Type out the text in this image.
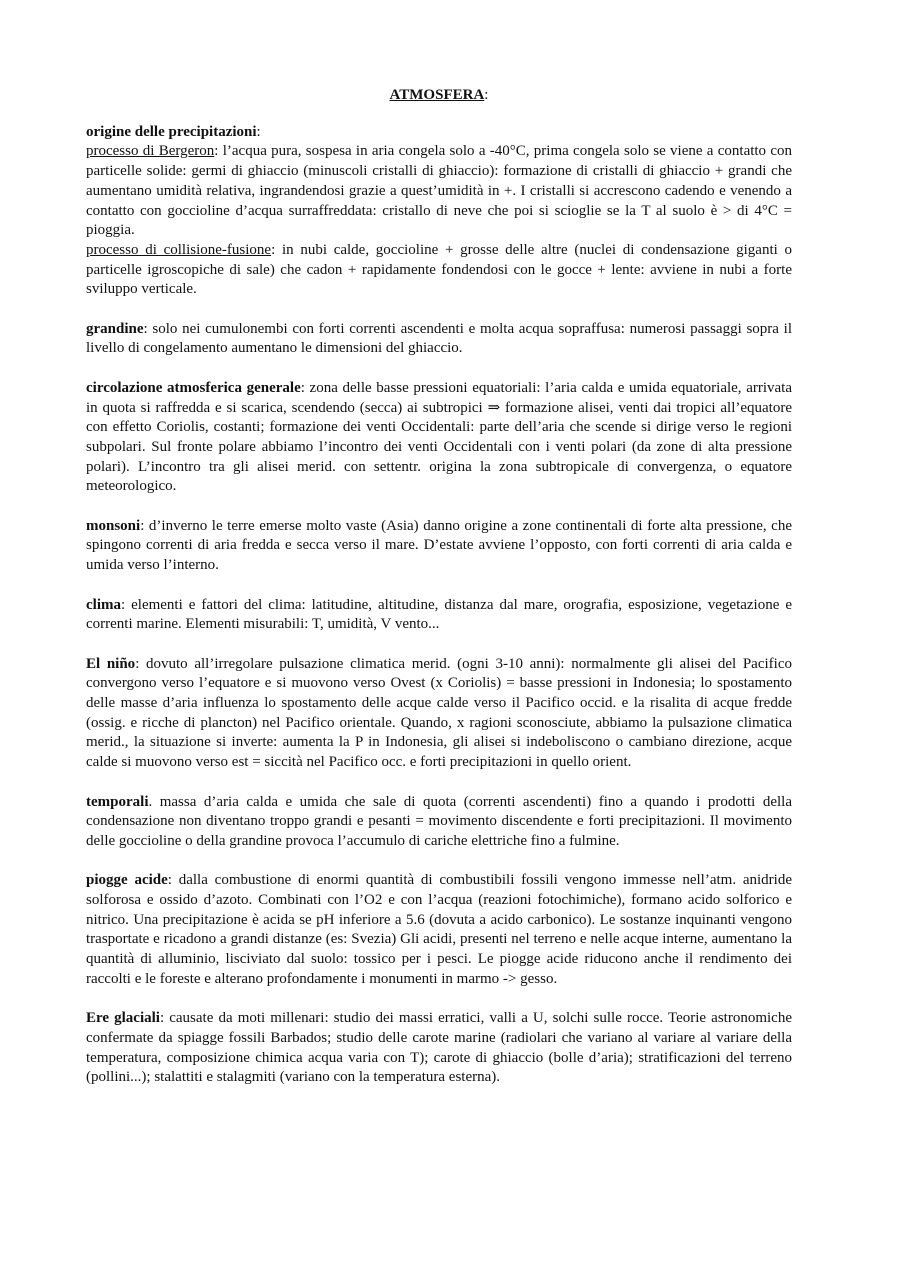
ATMOSFERA:
origine delle precipitazioni:

processo di Bergeron: l’acqua pura, sospesa in aria congela solo a -40°C, prima congela solo se viene a contatto con particelle solide: germi di ghiaccio (minuscoli cristalli di ghiaccio): formazione di cristalli di ghiaccio + grandi che aumentano umidità relativa, ingrandendosi grazie a quest’umidità in +. I cristalli si accrescono cadendo e venendo a contatto con goccioline d’acqua surraffreddata: cristallo di neve che poi si scioglie se la T al suolo è > di 4°C = pioggia.

processo di collisione-fusione: in nubi calde, goccioline + grosse delle altre (nuclei di condensazione giganti o particelle igroscopiche di sale) che cadon + rapidamente fondendosi con le gocce + lente: avviene in nubi a forte sviluppo verticale.

grandine: solo nei cumulonembi con forti correnti ascendenti e molta acqua sopraffusa: numerosi passaggi sopra il livello di congelamento aumentano le dimensioni del ghiaccio.
circolazione atmosferica generale: zona delle basse pressioni equatoriali: l’aria calda e umida equatoriale, arrivata in quota si raffredda e si scarica, scendendo (secca) ai subtropici ⇒ formazione alisei, venti dai tropici all’equatore con effetto Coriolis, costanti; formazione dei venti Occidentali: parte dell’aria che scende si dirige verso le regioni subpolari. Sul fronte polare abbiamo l’incontro dei venti Occidentali con i venti polari (da zone di alta pressione polari). L’incontro tra gli alisei merid. con settentr. origina la zona subtropicale di convergenza, o equatore meteorologico.
monsoni: d’inverno le terre emerse molto vaste (Asia) danno origine a zone continentali di forte alta pressione, che spingono correnti di aria fredda e secca verso il mare. D’estate avviene l’opposto, con forti correnti di aria calda e umida verso l’interno.
clima: elementi e fattori del clima: latitudine, altitudine, distanza dal mare, orografia, esposizione, vegetazione e correnti marine. Elementi misurabili: T, umidità, V vento...
El niño: dovuto all’irregolare pulsazione climatica merid. (ogni 3-10 anni): normalmente gli alisei del Pacifico convergono verso l’equatore e si muovono verso Ovest (x Coriolis) = basse pressioni in Indonesia; lo spostamento delle masse d’aria influenza lo spostamento delle acque calde verso il Pacifico occid. e la risalita di acque fredde (ossig. e ricche di plancton) nel Pacifico orientale. Quando, x ragioni sconosciute, abbiamo la pulsazione climatica merid., la situazione si inverte: aumenta la P in Indonesia, gli alisei si indeboliscono o cambiano direzione, acque calde si muovono verso est = siccità nel Pacifico occ. e forti precipitazioni in quello orient.
temporali. massa d’aria calda e umida che sale di quota (correnti ascendenti) fino a quando i prodotti della condensazione non diventano troppo grandi e pesanti = movimento discendente e forti precipitazioni. Il movimento delle goccioline o della grandine provoca l’accumulo di cariche elettriche fino a fulmine.
piogge acide: dalla combustione di enormi quantità di combustibili fossili vengono immesse nell’atm. anidride solforosa e ossido d’azoto. Combinati con l’O2 e con l’acqua (reazioni fotochimiche), formano acido solforico e nitrico. Una precipitazione è acida se pH inferiore a 5.6 (dovuta a acido carbonico). Le sostanze inquinanti vengono trasportate e ricadono a grandi distanze (es: Svezia) Gli acidi, presenti nel terreno e nelle acque interne, aumentano la quantità di alluminio, lisciviato dal suolo: tossico per i pesci. Le piogge acide riducono anche il rendimento dei raccolti e le foreste e alterano profondamente i monumenti in marmo -> gesso.
Ere glaciali: causate da moti millenari: studio dei massi erratici, valli a U, solchi sulle rocce. Teorie astronomiche confermate da spiagge fossili Barbados; studio delle carote marine (radiolari che variano al variare al variare della temperatura, composizione chimica acqua varia con T); carote di ghiaccio (bolle d’aria); stratificazioni del terreno (pollini...); stalattiti e stalagmiti (variano con la temperatura esterna).
